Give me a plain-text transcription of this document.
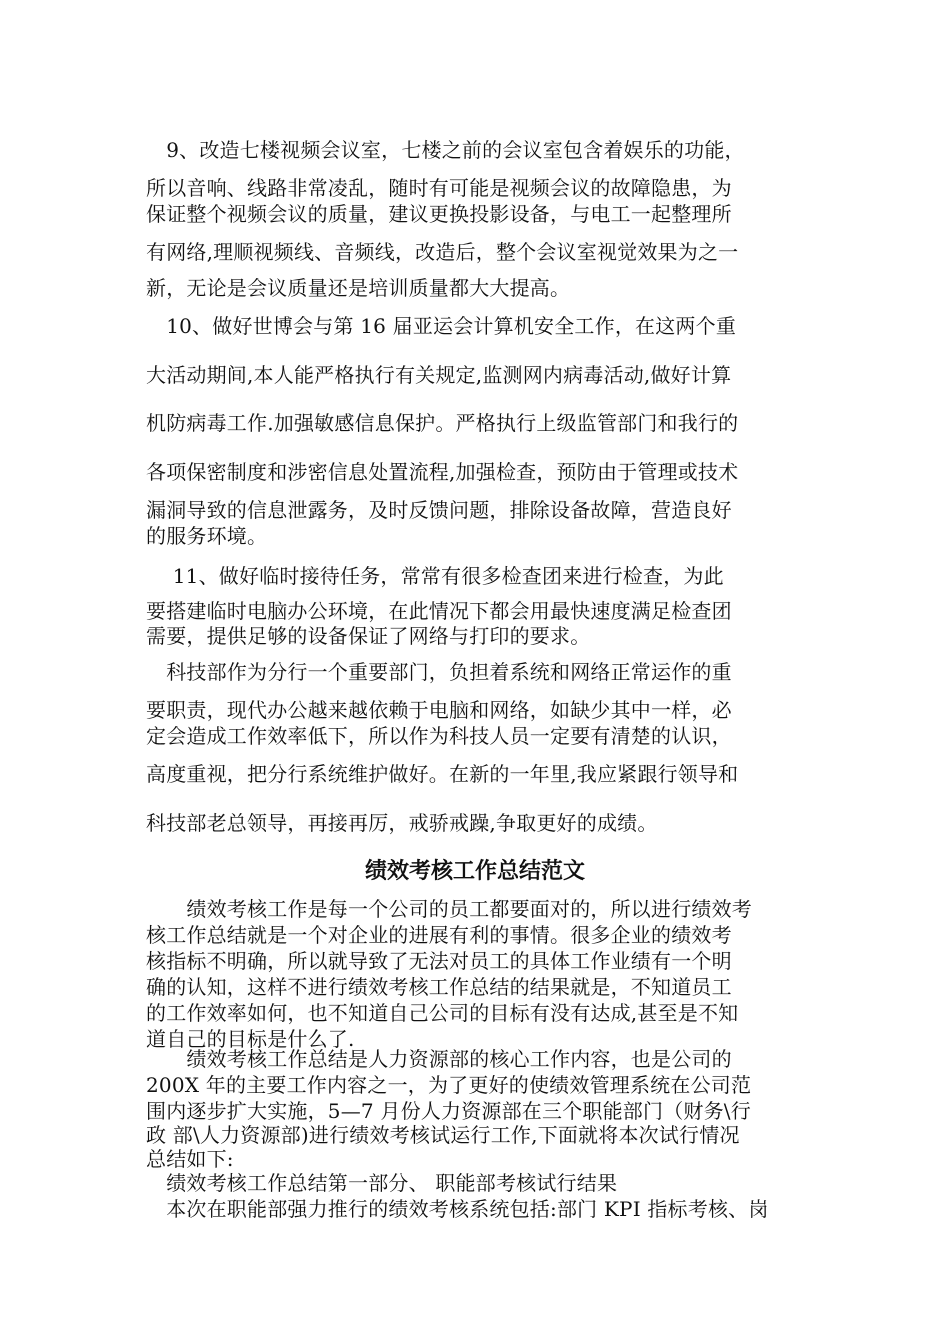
　9、改造七楼视频会议室，七楼之前的会议室包含着娱乐的功能，
所以音响、线路非常凌乱，随时有可能是视频会议的故障隐患，为
保证整个视频会议的质量，建议更换投影设备，与电工一起整理所
有网络,理顺视频线、音频线，改造后，整个会议室视觉效果为之一
新，无论是会议质量还是培训质量都大大提高。
　10、做好世博会与第 16 届亚运会计算机安全工作，在这两个重
大活动期间,本人能严格执行有关规定,监测网内病毒活动,做好计算
机防病毒工作.加强敏感信息保护。严格执行上级监管部门和我行的
各项保密制度和涉密信息处置流程,加强检查，预防由于管理或技术
漏洞导致的信息泄露务，及时反馈问题，排除设备故障，营造良好
的服务环境。
　 11、做好临时接待任务，常常有很多检查团来进行检查，为此
要搭建临时电脑办公环境，在此情况下都会用最快速度满足检查团
需要，提供足够的设备保证了网络与打印的要求。
　科技部作为分行一个重要部门，负担着系统和网络正常运作的重
要职责，现代办公越来越依赖于电脑和网络，如缺少其中一样，必
定会造成工作效率低下，所以作为科技人员一定要有清楚的认识，
高度重视，把分行系统维护做好。在新的一年里,我应紧跟行领导和
科技部老总领导，再接再厉，戒骄戒躁,争取更好的成绩。
绩效考核工作总结范文
　　绩效考核工作是每一个公司的员工都要面对的，所以进行绩效考
核工作总结就是一个对企业的进展有利的事情。很多企业的绩效考
核指标不明确，所以就导致了无法对员工的具体工作业绩有一个明
确的认知，这样不进行绩效考核工作总结的结果就是，不知道员工
的工作效率如何，也不知道自己公司的目标有没有达成,甚至是不知
道自己的目标是什么了.
　　绩效考核工作总结是人力资源部的核心工作内容，也是公司的
200X 年的主要工作内容之一，为了更好的使绩效管理系统在公司范
围内逐步扩大实施，5—7 月份人力资源部在三个职能部门（财务\行
政 部\人力资源部)进行绩效考核试运行工作,下面就将本次试行情况
总结如下:
　绩效考核工作总结第一部分、 职能部考核试行结果
　本次在职能部强力推行的绩效考核系统包括:部门 KPI 指标考核、岗
